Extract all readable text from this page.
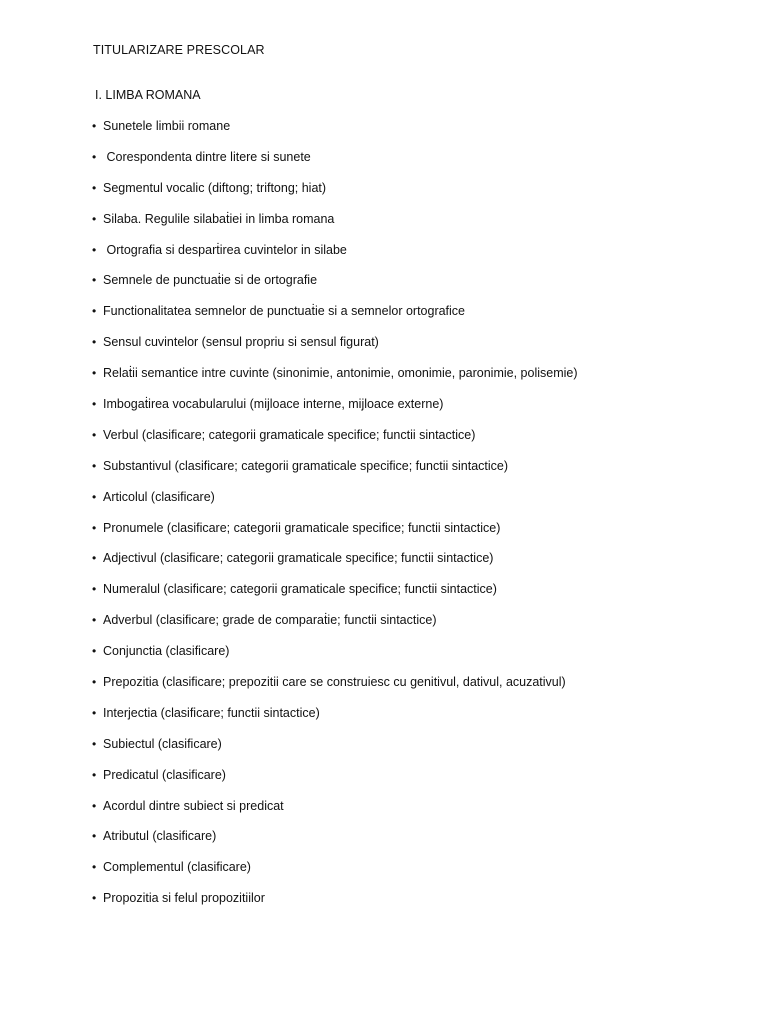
TITULARIZARE PRESCOLAR
I. LIMBA ROMANA
• Sunetele limbii romane
• Corespondenta dintre litere si sunete
• Segmentul vocalic (diftong; triftong; hiat)
• Silaba. Regulile silabaṫiei in limba romana
• Ortografia si desparṫirea cuvintelor in silabe
• Semnele de punctuaṫie si de ortografie
• Functionalitatea semnelor de punctuaṫie si a semnelor ortografice
• Sensul cuvintelor (sensul propriu si sensul figurat)
• Relaṫii semantice intre cuvinte (sinonimie, antonimie, omonimie, paronimie, polisemie)
• Imbogaṫirea vocabularului (mijloace interne, mijloace externe)
• Verbul (clasificare; categorii gramaticale specifice; functii sintactice)
• Substantivul (clasificare; categorii gramaticale specifice; functii sintactice)
• Articolul (clasificare)
• Pronumele (clasificare; categorii gramaticale specifice; functii sintactice)
• Adjectivul (clasificare; categorii gramaticale specifice; functii sintactice)
• Numeralul (clasificare; categorii gramaticale specifice; functii sintactice)
• Adverbul (clasificare; grade de comparaṫie; functii sintactice)
• Conjunctia (clasificare)
• Prepozitia (clasificare; prepozitii care se construiesc cu genitivul, dativul, acuzativul)
• Interjectia (clasificare; functii sintactice)
• Subiectul (clasificare)
• Predicatul (clasificare)
• Acordul dintre subiect si predicat
• Atributul (clasificare)
• Complementul (clasificare)
• Propozitia si felul propozitiilor
